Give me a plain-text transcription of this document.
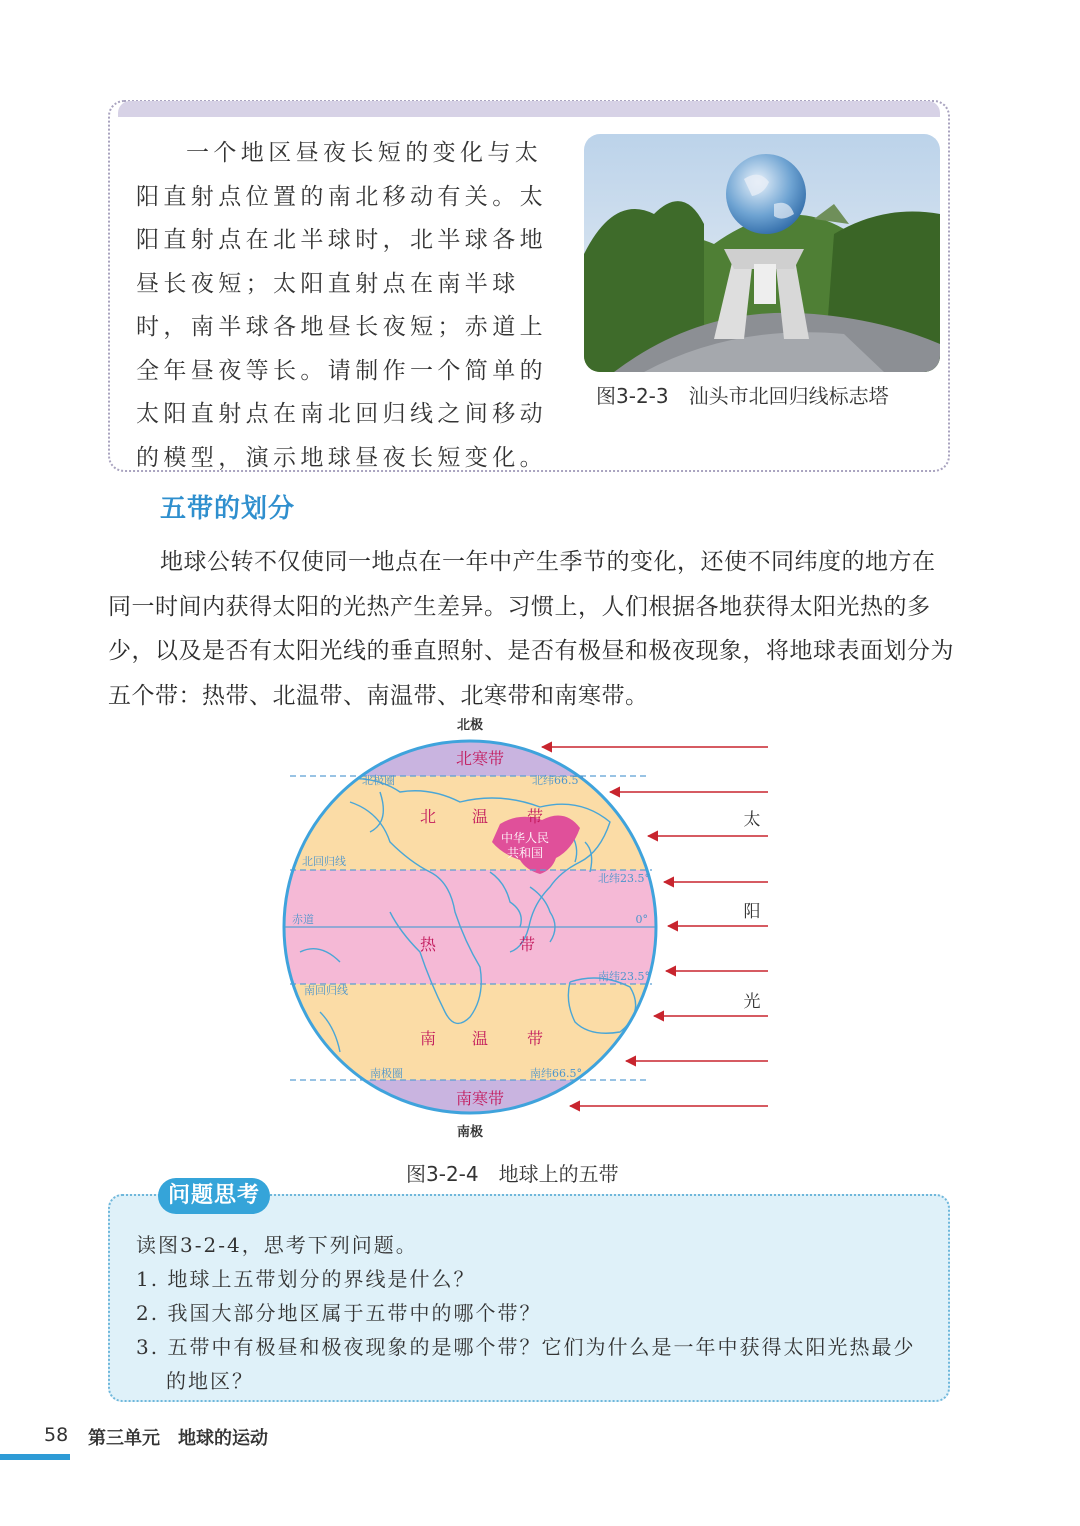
一个地区昼夜长短的变化与太阳直射点位置的南北移动有关。太阳直射点在北半球时，北半球各地昼长夜短；太阳直射点在南半球时，南半球各地昼长夜短；赤道上全年昼夜等长。请制作一个简单的太阳直射点在南北回归线之间移动的模型，演示地球昼夜长短变化。

图3-2-3　汕头市北回归线标志塔
五带的划分

地球公转不仅使同一地点在一年中产生季节的变化，还使不同纬度的地方在同一时间内获得太阳的光热产生差异。习惯上，人们根据各地获得太阳光热的多少，以及是否有太阳光线的垂直照射、是否有极昼和极夜现象，将地球表面划分为五个带：热带、北温带、南温带、北寒带和南寒带。

北极
南极
北寒带
北 温 带
热	带
南 温 带
南寒带
中华人民
共和国
北极圈	北纬66.5°
北回归线
北纬23.5°
赤道	0°
南回归线
南纬23.5°
南极圈	南纬66.5°
太
阳
光
图3-2-4　地球上的五带
问题思考
读图3-2-4，思考下列问题。
1. 地球上五带划分的界线是什么？
2. 我国大部分地区属于五带中的哪个带？
3. 五带中有极昼和极夜现象的是哪个带？它们为什么是一年中获得太阳光热最少的地区？
58 第三单元　地球的运动
